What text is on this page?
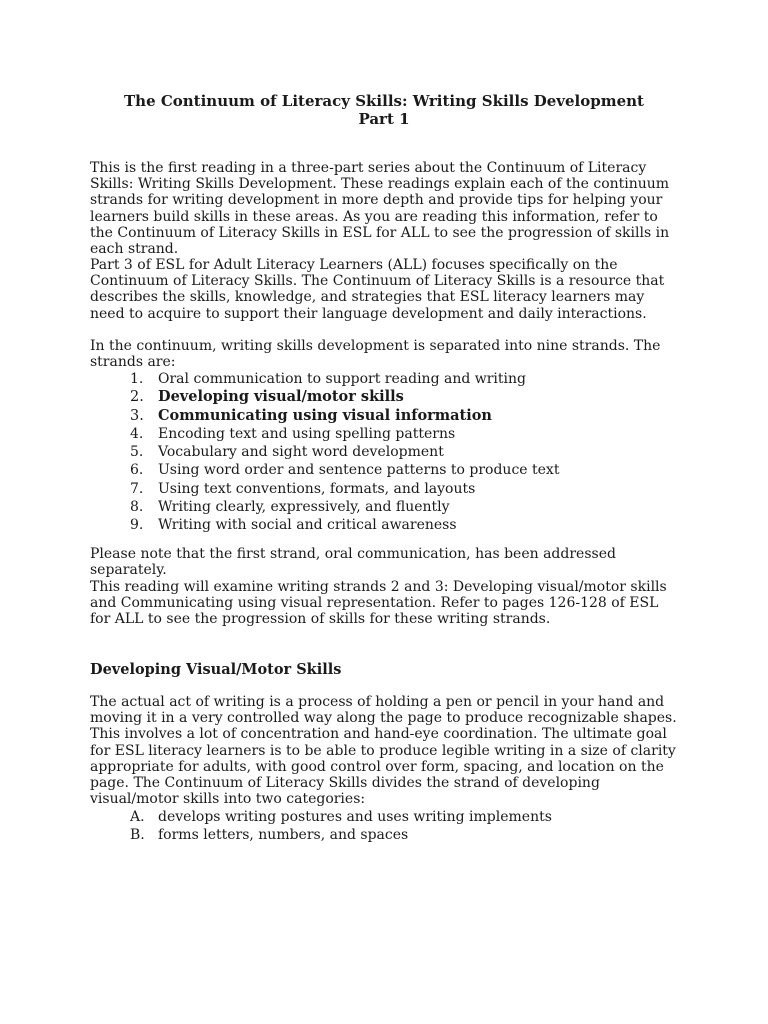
The Continuum of Literacy Skills: Writing Skills Development
Part 1

This is the first reading in a three-part series about the Continuum of Literacy Skills: Writing Skills Development. These readings explain each of the continuum strands for writing development in more depth and provide tips for helping your learners build skills in these areas. As you are reading this information, refer to the Continuum of Literacy Skills in ESL for ALL to see the progression of skills in each strand.

Part 3 of ESL for Adult Literacy Learners (ALL) focuses specifically on the Continuum of Literacy Skills. The Continuum of Literacy Skills is a resource that describes the skills, knowledge, and strategies that ESL literacy learners may need to acquire to support their language development and daily interactions.

In the continuum, writing skills development is separated into nine strands. The strands are:

1.	Oral communication to support reading and writing
2. Developing visual/motor skills
3. Communicating using visual information
4.	Encoding text and using spelling patterns
5.	Vocabulary and sight word development
6.	Using word order and sentence patterns to produce text
7.	Using text conventions, formats, and layouts
8.	Writing clearly, expressively, and fluently
9.	Writing with social and critical awareness

Please note that the first strand, oral communication, has been addressed separately.

This reading will examine writing strands 2 and 3: Developing visual/motor skills and Communicating using visual representation. Refer to pages 126-128 of ESL for ALL to see the progression of skills for these writing strands.

Developing Visual/Motor Skills

The actual act of writing is a process of holding a pen or pencil in your hand and moving it in a very controlled way along the page to produce recognizable shapes. This involves a lot of concentration and hand-eye coordination. The ultimate goal for ESL literacy learners is to be able to produce legible writing in a size of clarity appropriate for adults, with good control over form, spacing, and location on the page. The Continuum of Literacy Skills divides the strand of developing visual/motor skills into two categories:

A. develops writing postures and uses writing implements
B. forms letters, numbers, and spaces
